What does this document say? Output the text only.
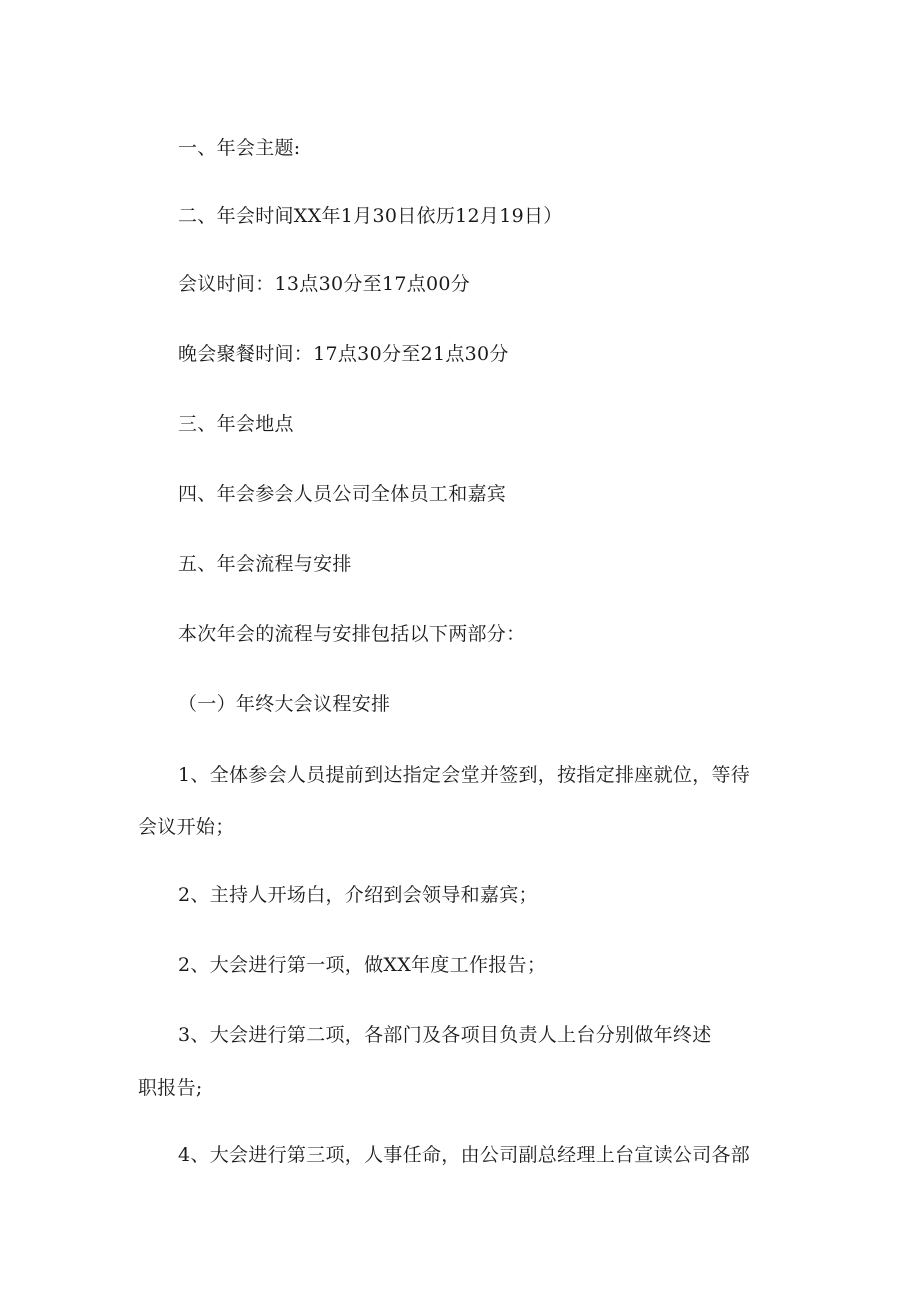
一、年会主题:
二、年会时间XX年1月30日依历12月19日）
会议时间：13点30分至17点00分
晚会聚餐时间：17点30分至21点30分
三、年会地点
四、年会参会人员公司全体员工和嘉宾
五、年会流程与安排
本次年会的流程与安排包括以下两部分：
（一）年终大会议程安排
1、全体参会人员提前到达指定会堂并签到，按指定排座就位，等待
会议开始；
2、主持人开场白，介绍到会领导和嘉宾；
2、大会进行第一项，做XX年度工作报告；
3、大会进行第二项，各部门及各项目负责人上台分别做年终述
职报告;
4、大会进行第三项，人事任命，由公司副总经理上台宣读公司各部
